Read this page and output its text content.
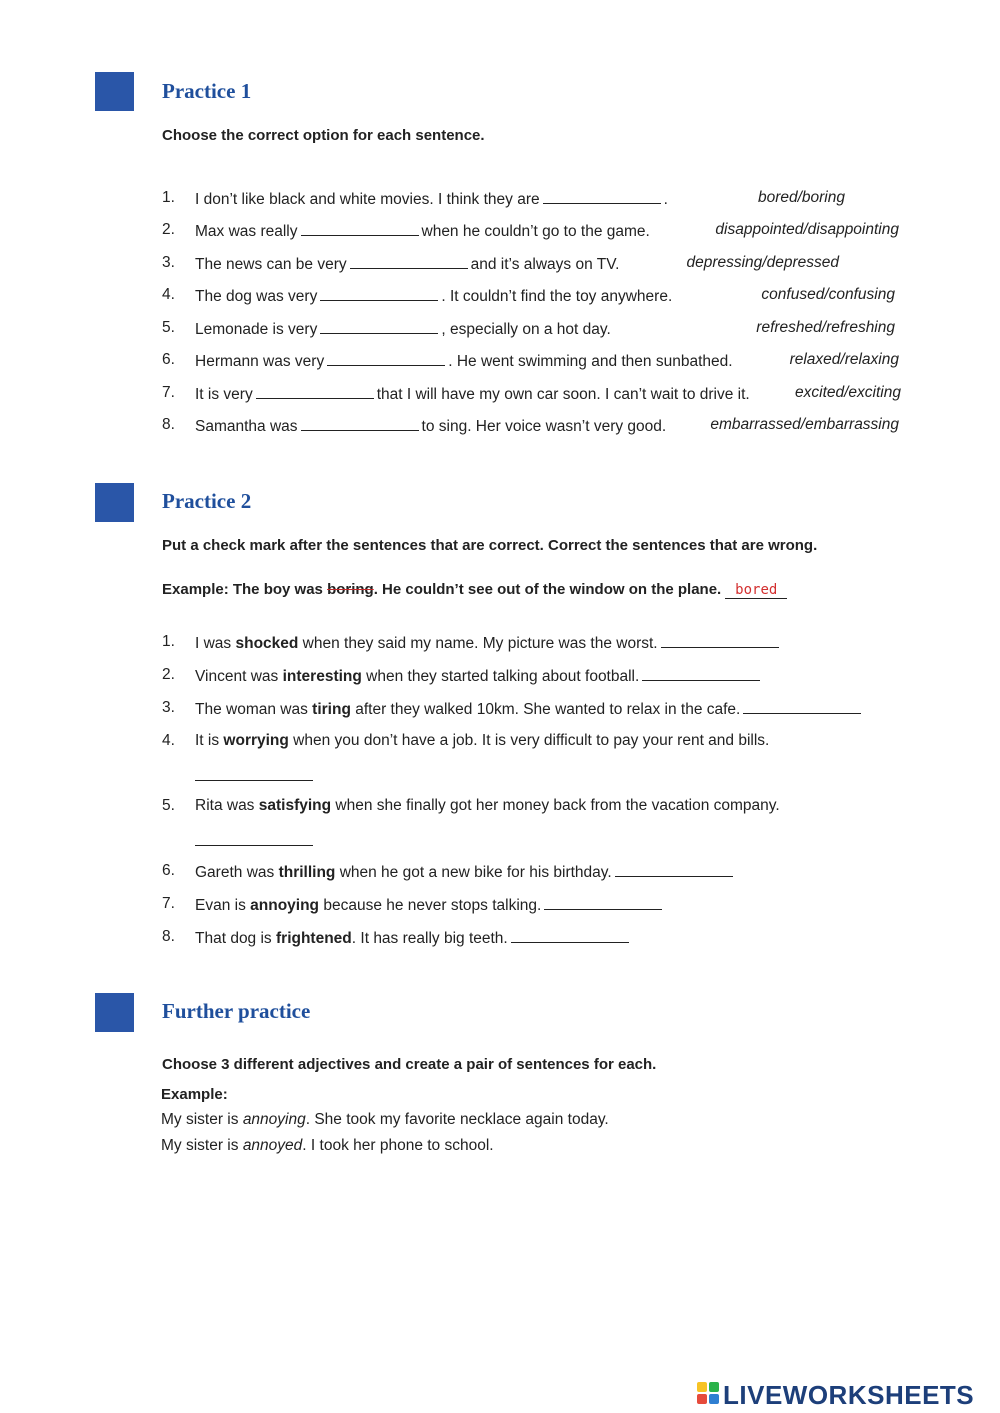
Practice 1
Choose the correct option for each sentence.
1.	I don’t like black and white movies. I think they are	.	bored/boring
2.	Max was really	when he couldn’t go to the game.	disappointed/disappointing
3.	The news can be very	and it’s always on TV.	depressing/depressed
4.	The dog was very	. It couldn’t find the toy anywhere.	confused/confusing
5.	Lemonade is very	, especially on a hot day.	refreshed/refreshing
6.	Hermann was very	. He went swimming and then sunbathed.	relaxed/relaxing
7.	It is very	that I will have my own car soon. I can’t wait to drive it.	excited/exciting
8.	Samantha was	to sing. Her voice wasn’t very good.	embarrassed/embarrassing
Practice 2
Put a check mark after the sentences that are correct. Correct the sentences that are wrong.
Example: The boy was boring. He couldn’t see out of the window on the plane. bored
1.	I was shocked when they said my name. My picture was the worst.
2.	Vincent was interesting when they started talking about football.
3.	The woman was tiring after they walked 10km. She wanted to relax in the cafe.
4.	It is worrying when you don’t have a job. It is very difficult to pay your rent and bills.
5.	Rita was satisfying when she finally got her money back from the vacation company.
6.	Gareth was thrilling when he got a new bike for his birthday.
7.	Evan is annoying because he never stops talking.
8.	That dog is frightened. It has really big teeth.
Further practice
Choose 3 different adjectives and create a pair of sentences for each.
Example:
My sister is annoying. She took my favorite necklace again today.
My sister is annoyed. I took her phone to school.
LIVEWORKSHEETS
